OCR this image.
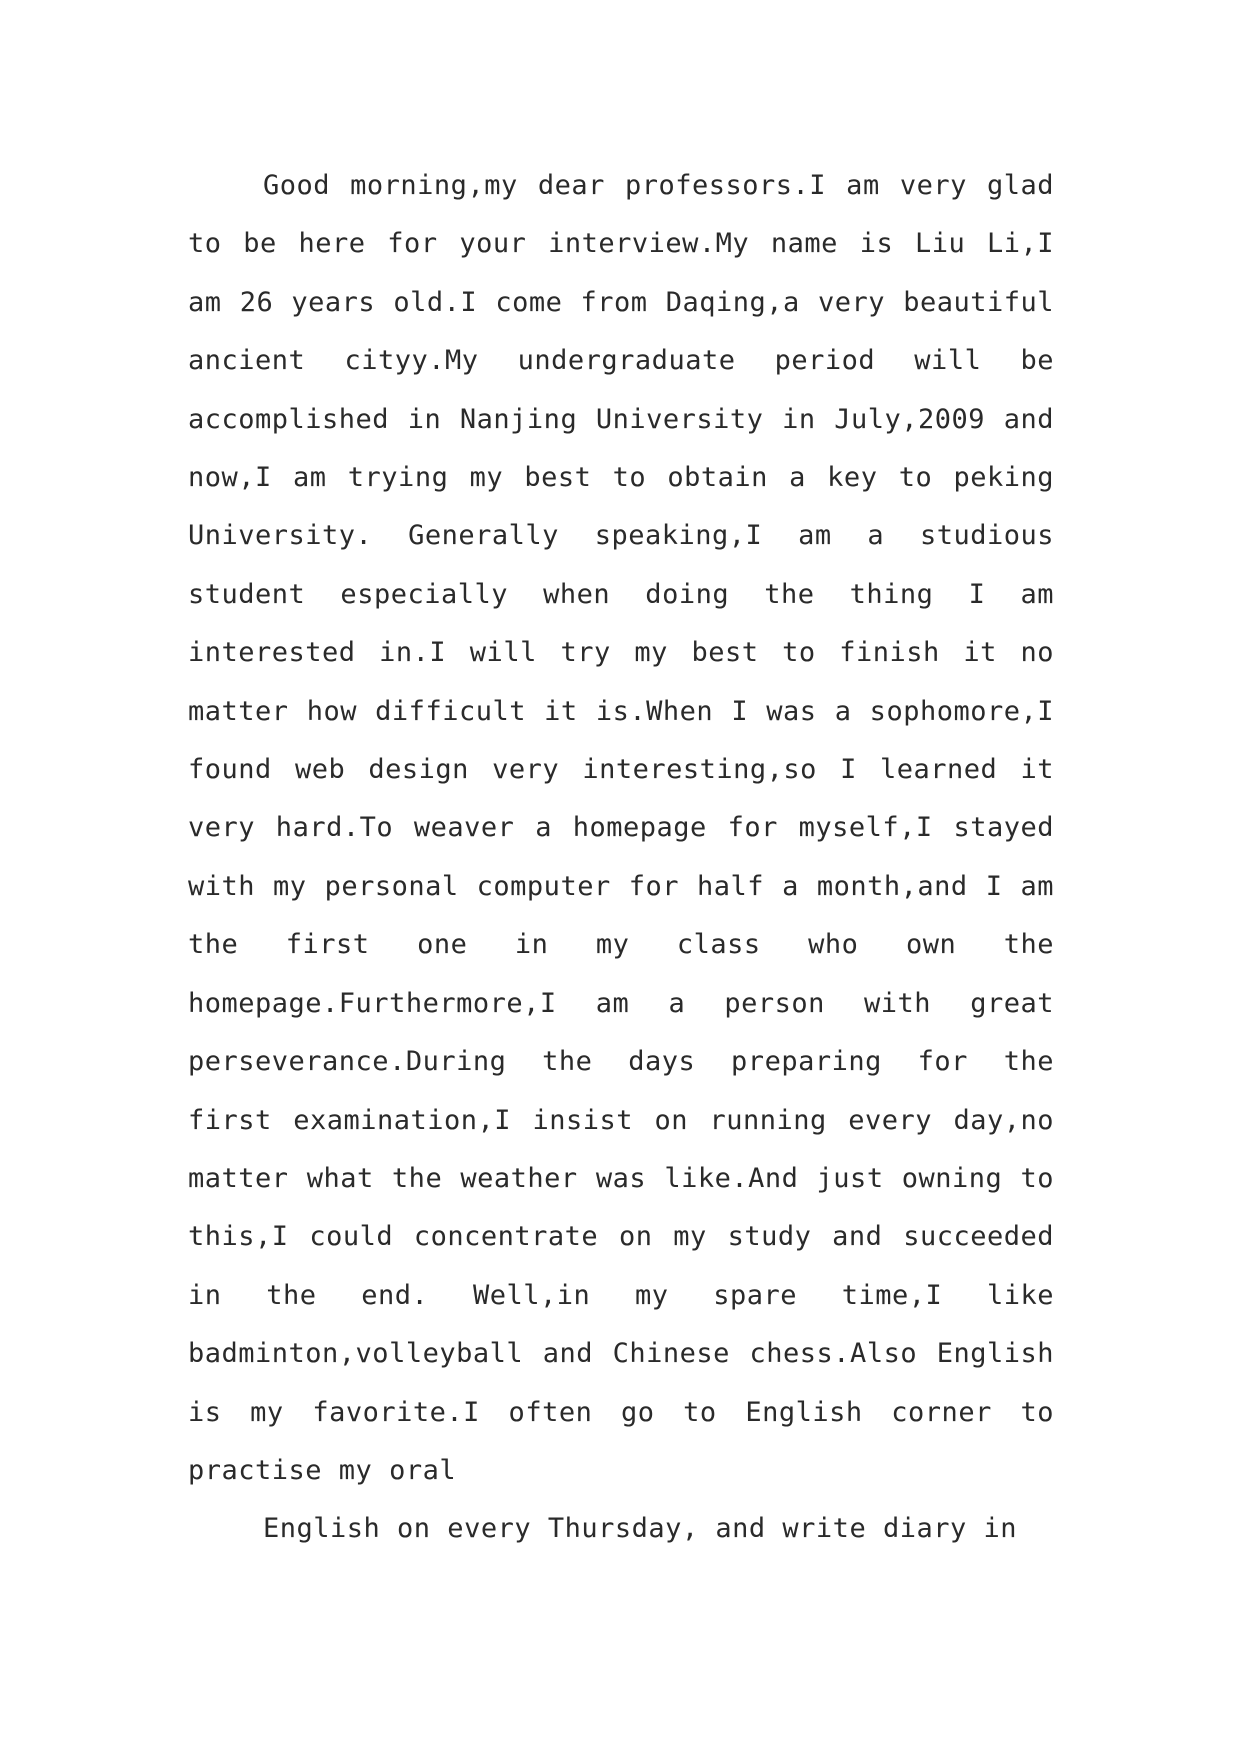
Good morning,my dear professors.I am very glad to be here for your interview.My name is Liu Li,I am 26 years old.I come from Daqing,a very beautiful ancient cityy.My undergraduate period will be accomplished in Nanjing University in July,2009 and now,I am trying my best to obtain a key to peking University. Generally speaking,I am a studious student especially when doing the thing I am interested in.I will try my best to finish it no matter how difficult it is.When I was a sophomore,I found web design very interesting,so I learned it very hard.To weaver a homepage for myself,I stayed with my personal computer for half a month,and I am the first one in my class who own the homepage.Furthermore,I am a person with great perseverance.During the days preparing for the first examination,I insist on running every day,no matter what the weather was like.And just owning to this,I could concentrate on my study and succeeded in the end. Well,in my spare time,I like badminton,volleyball and Chinese chess.Also English is my favorite.I often go to English corner to practise my oral

English on every Thursday, and write diary in
